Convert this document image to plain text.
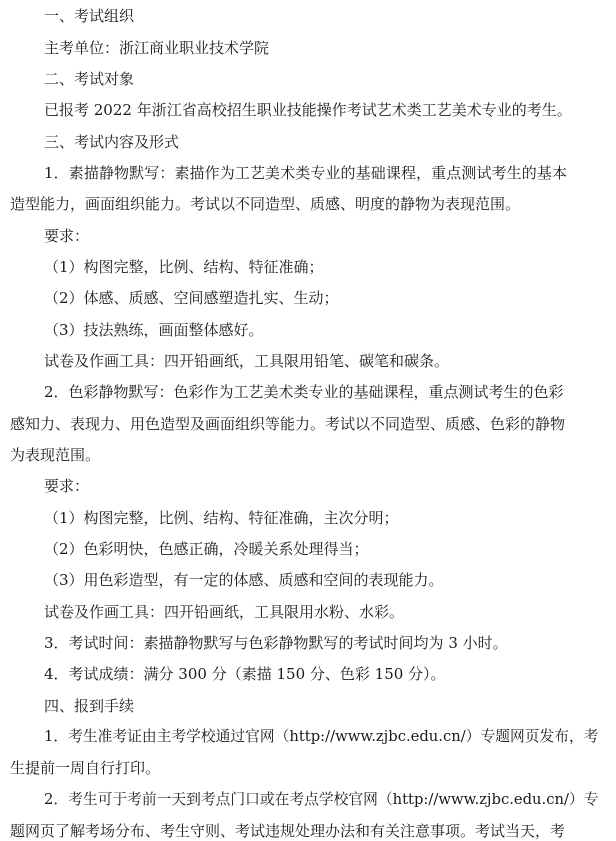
一、考试组织
主考单位：浙江商业职业技术学院
二、考试对象
已报考 2022 年浙江省高校招生职业技能操作考试艺术类工艺美术专业的考生。
三、考试内容及形式
1．素描静物默写：素描作为工艺美术类专业的基础课程，重点测试考生的基本
造型能力，画面组织能力。考试以不同造型、质感、明度的静物为表现范围。
要求：
（1）构图完整，比例、结构、特征准确；
（2）体感、质感、空间感塑造扎实、生动；
（3）技法熟练，画面整体感好。
试卷及作画工具：四开铅画纸，工具限用铅笔、碳笔和碳条。
2．色彩静物默写：色彩作为工艺美术类专业的基础课程，重点测试考生的色彩
感知力、表现力、用色造型及画面组织等能力。考试以不同造型、质感、色彩的静物
为表现范围。
要求：
（1）构图完整，比例、结构、特征准确，主次分明；
（2）色彩明快，色感正确，冷暖关系处理得当；
（3）用色彩造型，有一定的体感、质感和空间的表现能力。
试卷及作画工具：四开铅画纸，工具限用水粉、水彩。
3．考试时间：素描静物默写与色彩静物默写的考试时间均为 3 小时。
4．考试成绩：满分 300 分（素描 150 分、色彩 150 分）。
四、报到手续
1．考生准考证由主考学校通过官网（http://www.zjbc.edu.cn/）专题网页发布，考
生提前一周自行打印。
2．考生可于考前一天到考点门口或在考点学校官网（http://www.zjbc.edu.cn/）专
题网页了解考场分布、考生守则、考试违规处理办法和有关注意事项。考试当天，考
